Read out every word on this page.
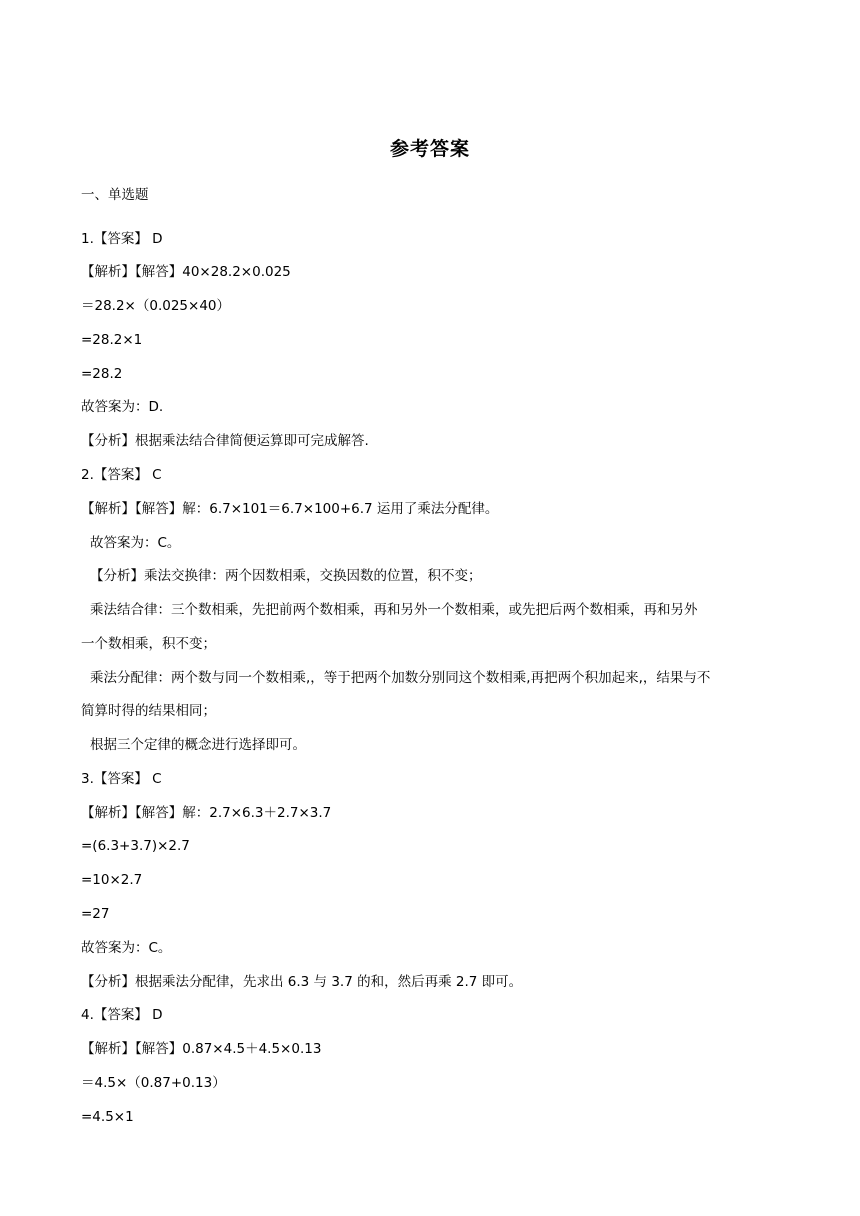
参考答案
一、单选题
1.【答案】 D
【解析】【解答】40×28.2×0.025
＝28.2×（0.025×40）
=28.2×1
=28.2
故答案为：D.
【分析】根据乘法结合律简便运算即可完成解答.
2.【答案】 C
【解析】【解答】解：6.7×101＝6.7×100+6.7 运用了乘法分配律。
故答案为：C。
【分析】乘法交换律：两个因数相乘，交换因数的位置，积不变；
乘法结合律：三个数相乘，先把前两个数相乘，再和另外一个数相乘，或先把后两个数相乘，再和另外
一个数相乘，积不变；
乘法分配律：两个数与同一个数相乘,，等于把两个加数分别同这个数相乘,再把两个积加起来,，结果与不
简算时得的结果相同；
根据三个定律的概念进行选择即可。
3.【答案】 C
【解析】【解答】解：2.7×6.3＋2.7×3.7
=(6.3+3.7)×2.7
=10×2.7
=27
故答案为：C。
【分析】根据乘法分配律，先求出 6.3 与 3.7 的和，然后再乘 2.7 即可。
4.【答案】 D
【解析】【解答】0.87×4.5＋4.5×0.13
＝4.5×（0.87+0.13）
=4.5×1
